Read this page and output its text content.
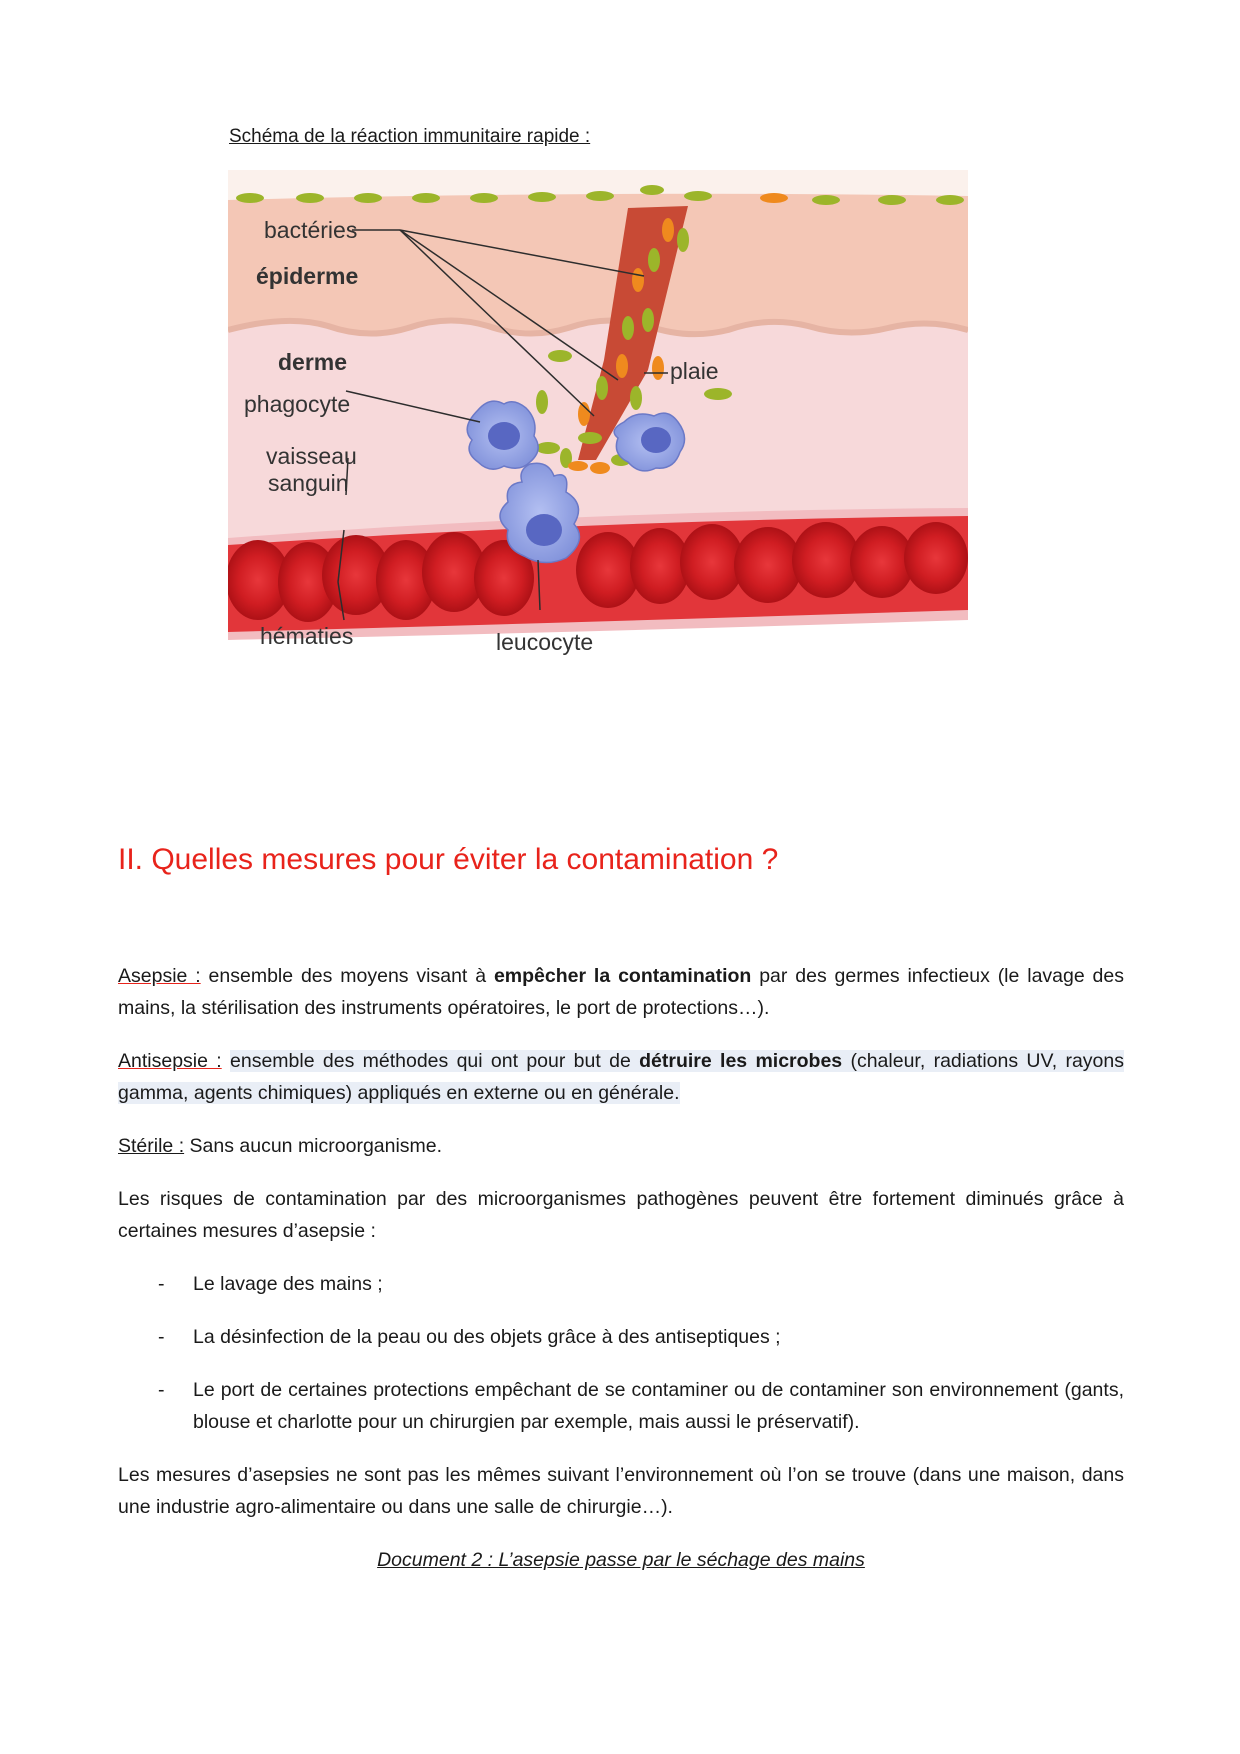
Schéma de la réaction immunitaire rapide :
bactéries
épiderme
derme
phagocyte
vaisseau
sanguin
plaie
hématies	leucocyte
II. Quelles mesures pour éviter la contamination ?

Asepsie : ensemble des moyens visant à empêcher la contamination par des germes infectieux (le lavage des mains, la stérilisation des instruments opératoires, le port de protections…).

Antisepsie : ensemble des méthodes qui ont pour but de détruire les microbes (chaleur, radiations UV, rayons gamma, agents chimiques) appliqués en externe ou en générale.

Stérile : Sans aucun microorganisme.

Les risques de contamination par des microorganismes pathogènes peuvent être fortement diminués grâce à certaines mesures d’asepsie :

- Le lavage des mains ;
- La désinfection de la peau ou des objets grâce à des antiseptiques ;
- Le port de certaines protections empêchant de se contaminer ou de contaminer son environnement (gants, blouse et charlotte pour un chirurgien par exemple, mais aussi le préservatif).

Les mesures d’asepsies ne sont pas les mêmes suivant l’environnement où l’on se trouve (dans une maison, dans une industrie agro-alimentaire ou dans une salle de chirurgie…).

Document 2 : L’asepsie passe par le séchage des mains
